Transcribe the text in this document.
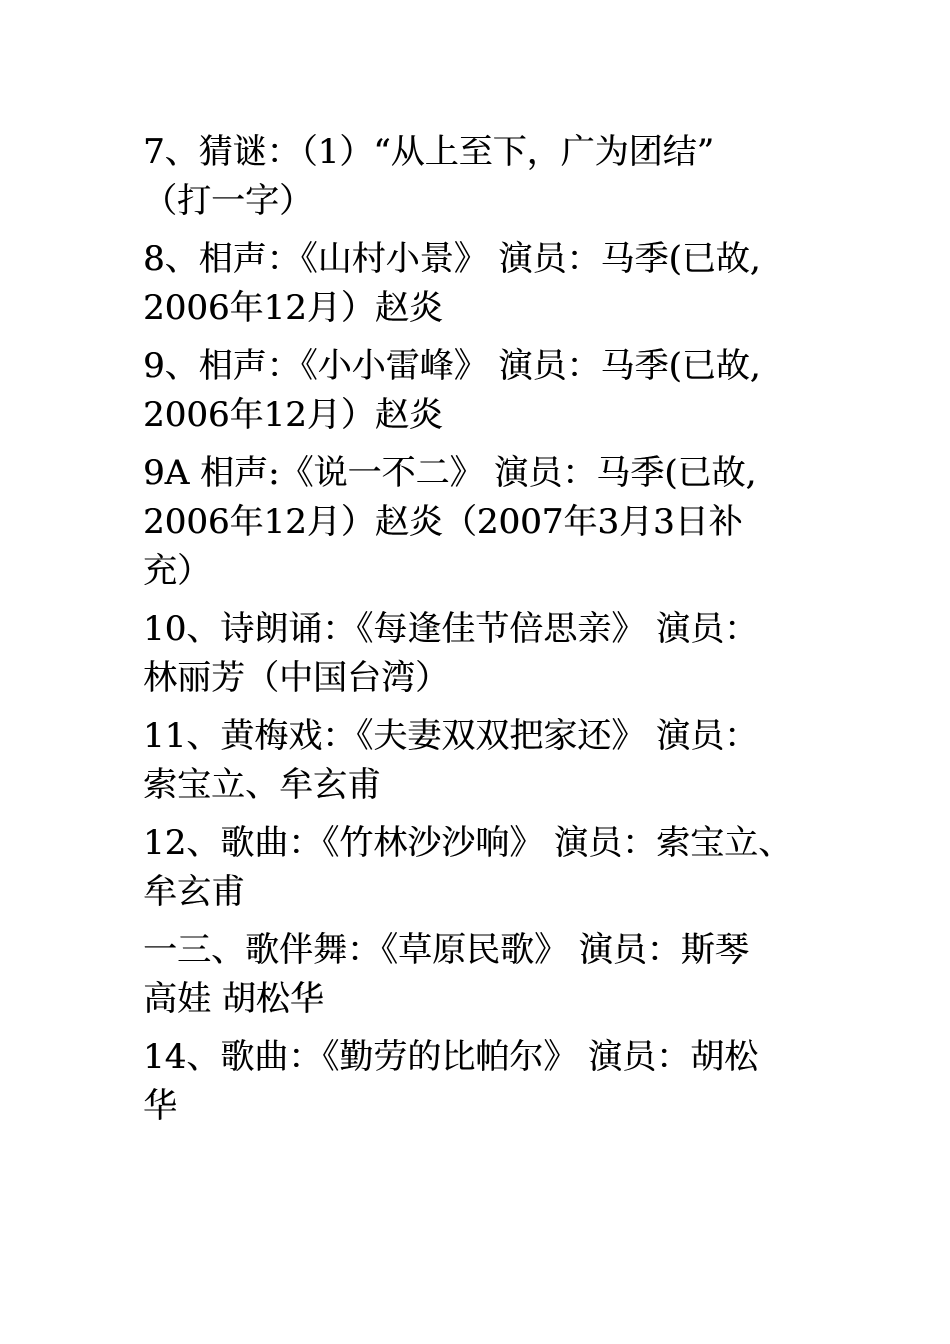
7、猜谜：（1）“从上至下，广为团结”
（打一字）
8、相声：《山村小景》 演员：马季(已故,
2006年12月）赵炎
9、相声：《小小雷峰》 演员：马季(已故,
2006年12月）赵炎
9A 相声:《说一不二》 演员：马季(已故,
2006年12月）赵炎（2007年3月3日补
充）
10、诗朗诵：《每逢佳节倍思亲》 演员：
林丽芳（中国台湾）
11、黄梅戏：《夫妻双双把家还》 演员：
索宝立、牟玄甫
12、歌曲：《竹林沙沙响》 演员：索宝立、
牟玄甫
一三、歌伴舞：《草原民歌》 演员：斯琴
高娃 胡松华
14、歌曲：《勤劳的比帕尔》 演员：胡松
华
